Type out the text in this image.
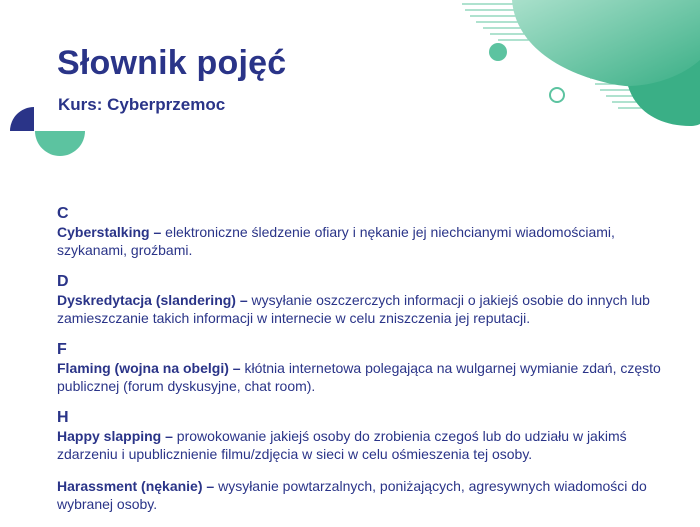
Słownik pojęć
Kurs: Cyberprzemoc

C

Cyberstalking – elektroniczne śledzenie ofiary i nękanie jej niechcianymi wiadomościami, szykanami, groźbami.

D

Dyskredytacja (slandering) – wysyłanie oszczerczych informacji o jakiejś osobie do innych lub zamieszczanie takich informacji w internecie w celu zniszczenia jej reputacji.

F

Flaming (wojna na obelgi) – kłótnia internetowa polegająca na wulgarnej wymianie zdań, często publicznej (forum dyskusyjne, chat room).

H

Happy slapping – prowokowanie jakiejś osoby do zrobienia czegoś lub do udziału w jakimś zdarzeniu i upublicznienie filmu/zdjęcia w sieci w celu ośmieszenia tej osoby.

Harassment (nękanie) – wysyłanie powtarzalnych, poniżających, agresywnych wiadomości do wybranej osoby.
